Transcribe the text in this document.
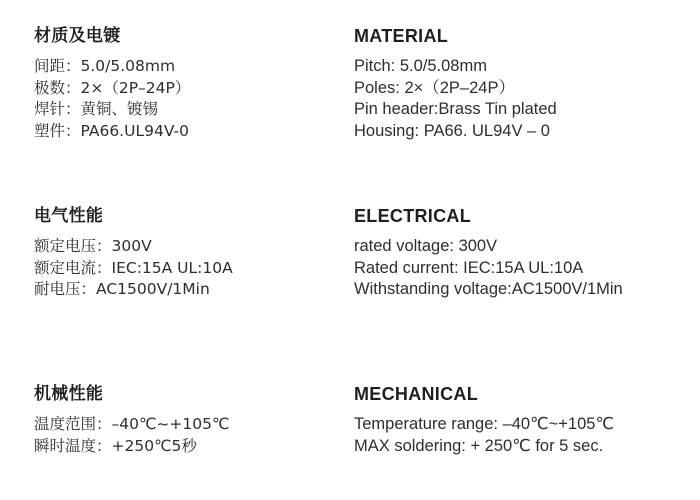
材质及电镀
间距：5.0/5.08mm
极数：2×（2P–24P）
焊针：黄铜、镀锡
塑件：PA66.UL94V-0
电气性能
额定电压：300V
额定电流：IEC:15A UL:10A
耐电压：AC1500V/1Min
机械性能
温度范围：–40℃~+105℃
瞬时温度：+250℃5秒
MATERIAL
Pitch: 5.0/5.08mm
Poles: 2×（2P–24P）
Pin header:Brass Tin plated
Housing: PA66. UL94V – 0
ELECTRICAL
rated voltage: 300V
Rated current: IEC:15A UL:10A
Withstanding voltage:AC1500V/1Min
MECHANICAL
Temperature range: –40℃~+105℃
MAX soldering: + 250℃ for 5 sec.
